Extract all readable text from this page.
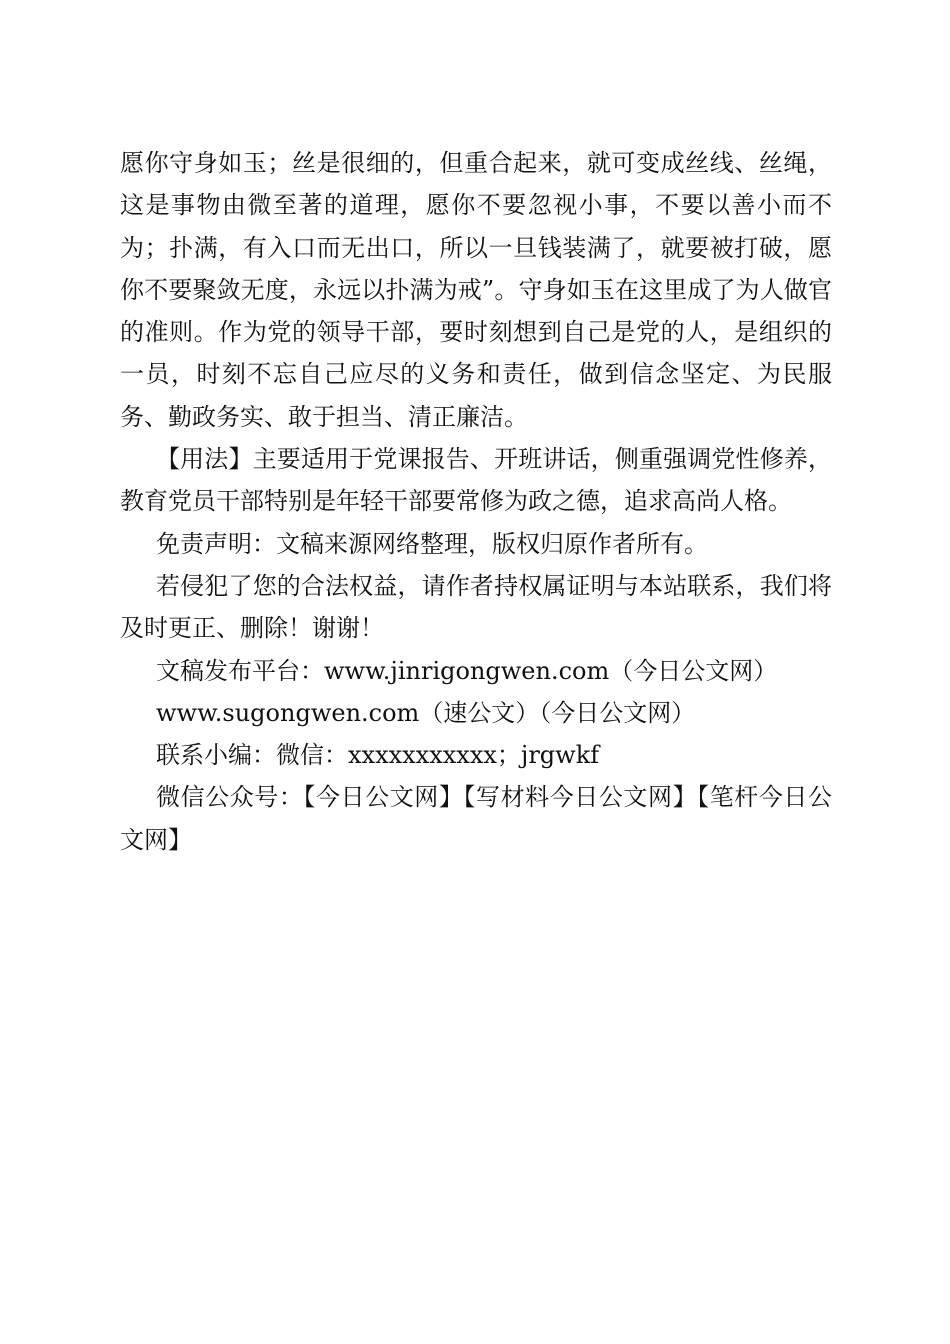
愿你守身如玉；丝是很细的，但重合起来，就可变成丝线、丝绳，这是事物由微至著的道理，愿你不要忽视小事，不要以善小而不为；扑满，有入口而无出口，所以一旦钱装满了，就要被打破，愿你不要聚敛无度，永远以扑满为戒”。守身如玉在这里成了为人做官的准则。作为党的领导干部，要时刻想到自己是党的人，是组织的一员，时刻不忘自己应尽的义务和责任，做到信念坚定、为民服务、勤政务实、敢于担当、清正廉洁。

【用法】主要适用于党课报告、开班讲话，侧重强调党性修养，教育党员干部特别是年轻干部要常修为政之德，追求高尚人格。

免责声明：文稿来源网络整理，版权归原作者所有。

若侵犯了您的合法权益，请作者持权属证明与本站联系，我们将及时更正、删除！谢谢！

文稿发布平台：www.jinrigongwen.com（今日公文网）

www.sugongwen.com（速公文）（今日公文网）

联系小编：微信：xxxxxxxxxxx；jrgwkf

微信公众号：【今日公文网】【写材料今日公文网】【笔杆今日公文网】
